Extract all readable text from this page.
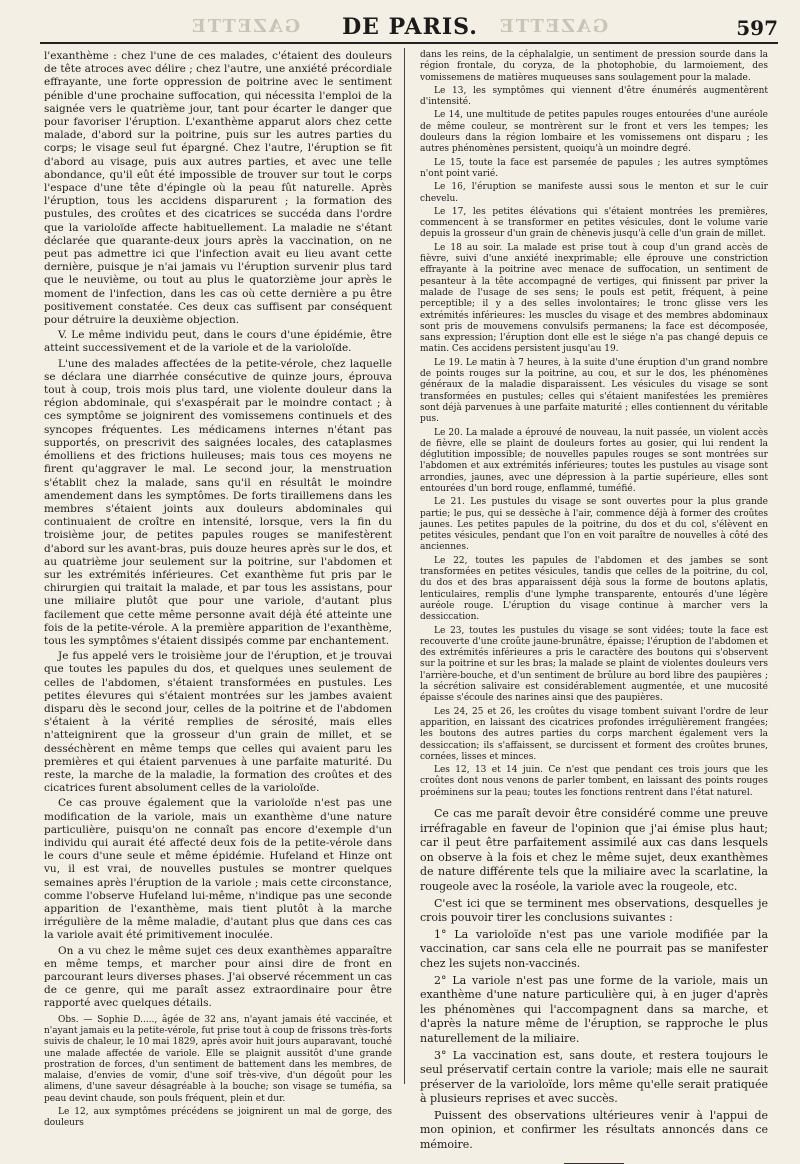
GAZETTE	GAZETTE
DE PARIS.	597

l'exanthème : chez l'une de ces malades, c'étaient des douleurs de tête atroces avec délire ; chez l'autre, une anxiété précordiale effrayante, une forte oppression de poitrine avec le sentiment pénible d'une prochaine suffocation, qui nécessita l'emploi de la saignée vers le quatrième jour, tant pour écarter le danger que pour favoriser l'éruption. L'exanthème apparut alors chez cette malade, d'abord sur la poitrine, puis sur les autres parties du corps; le visage seul fut épargné. Chez l'autre, l'éruption se fit d'abord au visage, puis aux autres parties, et avec une telle abondance, qu'il eût été impossible de trouver sur tout le corps l'espace d'une tête d'épingle où la peau fût naturelle. Après l'éruption, tous les accidens disparurent ; la formation des pustules, des croûtes et des cicatrices se succéda dans l'ordre que la varioloïde affecte habituellement. La maladie ne s'étant déclarée que quarante-deux jours après la vaccination, on ne peut pas admettre ici que l'infection avait eu lieu avant cette dernière, puisque je n'ai jamais vu l'éruption survenir plus tard que le neuvième, ou tout au plus le quatorzième jour après le moment de l'infection, dans les cas où cette dernière a pu être positivement constatée. Ces deux cas suffisent par conséquent pour détruire la deuxième objection.

V. Le même individu peut, dans le cours d'une épidémie, être atteint successivement et de la variole et de la varioloïde.

L'une des malades affectées de la petite-vérole, chez laquelle se déclara une diarrhée consécutive de quinze jours, éprouva tout à coup, trois mois plus tard, une violente douleur dans la région abdominale, qui s'exaspérait par le moindre contact ; à ces symptôme se joignirent des vomissemens continuels et des syncopes fréquentes. Les médicamens internes n'étant pas supportés, on prescrivit des saignées locales, des cataplasmes émolliens et des frictions huileuses; mais tous ces moyens ne firent qu'aggraver le mal. Le second jour, la menstruation s'établit chez la malade, sans qu'il en résultât le moindre amendement dans les symptômes. De forts tiraillemens dans les membres s'étaient joints aux douleurs abdominales qui continuaient de croître en intensité, lorsque, vers la fin du troisième jour, de petites papules rouges se manifestèrent d'abord sur les avant-bras, puis douze heures après sur le dos, et au quatrième jour seulement sur la poitrine, sur l'abdomen et sur les extrémités inférieures. Cet exanthème fut pris par le chirurgien qui traitait la malade, et par tous les assistans, pour une miliaire plutôt que pour une variole, d'autant plus facilement que cette même personne avait déjà été atteinte une fois de la petite-vérole. A la première apparition de l'exanthème, tous les symptômes s'étaient dissipés comme par enchantement.

Je fus appelé vers le troisième jour de l'éruption, et je trouvai que toutes les papules du dos, et quelques unes seulement de celles de l'abdomen, s'étaient transformées en pustules. Les petites élevures qui s'étaient montrées sur les jambes avaient disparu dès le second jour, celles de la poitrine et de l'abdomen s'étaient à la vérité remplies de sérosité, mais elles n'atteignirent que la grosseur d'un grain de millet, et se desséchèrent en même temps que celles qui avaient paru les premières et qui étaient parvenues à une parfaite maturité. Du reste, la marche de la maladie, la formation des croûtes et des cicatrices furent absolument celles de la varioloïde.

Ce cas prouve également que la varioloïde n'est pas une modification de la variole, mais un exanthème d'une nature particulière, puisqu'on ne connaît pas encore d'exemple d'un individu qui aurait été affecté deux fois de la petite-vérole dans le cours d'une seule et même épidémie. Hufeland et Hinze ont vu, il est vrai, de nouvelles pustules se montrer quelques semaines après l'éruption de la variole ; mais cette circonstance, comme l'observe Hufeland lui-même, n'indique pas une seconde apparition de l'exanthème, mais tient plutôt à la marche irrégulière de la même maladie, d'autant plus que dans ces cas la variole avait été primitivement inoculée.

On a vu chez le même sujet ces deux exanthèmes apparaître en même temps, et marcher pour ainsi dire de front en parcourant leurs diverses phases. J'ai observé récemment un cas de ce genre, qui me paraît assez extraordinaire pour être rapporté avec quelques détails.

Obs. — Sophie D....., âgée de 32 ans, n'ayant jamais été vaccinée, et n'ayant jamais eu la petite-vérole, fut prise tout à coup de frissons très-forts suivis de chaleur, le 10 mai 1829, après avoir huit jours auparavant, touché une malade affectée de variole. Elle se plaignit aussitôt d'une grande prostration de forces, d'un sentiment de battement dans les membres, de malaise, d'envies de vomir, d'une soif très-vive, d'un dégoût pour les alimens, d'une saveur désagréable à la bouche; son visage se tuméfia, sa peau devint chaude, son pouls fréquent, plein et dur.

Le 12, aux symptômes précédens se joignirent un mal de gorge, des douleurs

dans les reins, de la céphalalgie, un sentiment de pression sourde dans la région frontale, du coryza, de la photophobie, du larmoiement, des vomissemens de matières muqueuses sans soulagement pour la malade.

Le 13, les symptômes qui viennent d'être énumérés augmentèrent d'intensité.

Le 14, une multitude de petites papules rouges entourées d'une auréole de même couleur, se montrèrent sur le front et vers les tempes; les douleurs dans la région lombaire et les vomissemens ont disparu ; les autres phénomènes persistent, quoiqu'à un moindre degré.

Le 15, toute la face est parsemée de papules ; les autres symptômes n'ont point varié.

Le 16, l'éruption se manifeste aussi sous le menton et sur le cuir chevelu.

Le 17, les petites élévations qui s'étaient montrées les premières, commencent à se transformer en petites vésicules, dont le volume varie depuis la grosseur d'un grain de chènevis jusqu'à celle d'un grain de millet.

Le 18 au soir. La malade est prise tout à coup d'un grand accès de fièvre, suivi d'une anxiété inexprimable; elle éprouve une constriction effrayante à la poitrine avec menace de suffocation, un sentiment de pesanteur à la tête accompagné de vertiges, qui finissent par priver la malade de l'usage de ses sens; le pouls est petit, fréquent, à peine perceptible; il y a des selles involontaires; le tronc glisse vers les extrémités inférieures: les muscles du visage et des membres abdominaux sont pris de mouvemens convulsifs permanens; la face est décomposée, sans expression; l'éruption dont elle est le siége n'a pas changé depuis ce matin. Ces accidens persistent jusqu'au 19.

Le 19. Le matin à 7 heures, à la suite d'une éruption d'un grand nombre de points rouges sur la poitrine, au cou, et sur le dos, les phénomènes généraux de la maladie disparaissent. Les vésicules du visage se sont transformées en pustules; celles qui s'étaient manifestées les premières sont déjà parvenues à une parfaite maturité ; elles contiennent du véritable pus.

Le 20. La malade a éprouvé de nouveau, la nuit passée, un violent accès de fièvre, elle se plaint de douleurs fortes au gosier, qui lui rendent la déglutition impossible; de nouvelles papules rouges se sont montrées sur l'abdomen et aux extrémités inférieures; toutes les pustules au visage sont arrondies, jaunes, avec une dépression à la partie supérieure, elles sont entourées d'un bord rouge, enflammé, tuméfié.

Le 21. Les pustules du visage se sont ouvertes pour la plus grande partie; le pus, qui se dessèche à l'air, commence déjà à former des croûtes jaunes. Les petites papules de la poitrine, du dos et du col, s'élèvent en petites vésicules, pendant que l'on en voit paraître de nouvelles à côté des anciennes.

Le 22, toutes les papules de l'abdomen et des jambes se sont transformées en petites vésicules, tandis que celles de la poitrine, du col, du dos et des bras apparaissent déjà sous la forme de boutons aplatis, lenticulaires, remplis d'une lymphe transparente, entourés d'une légère auréole rouge. L'éruption du visage continue à marcher vers la dessiccation.

Le 23, toutes les pustules du visage se sont vidées; toute la face est recouverte d'une croûte jaune-brunâtre, épaisse; l'éruption de l'abdomen et des extrémités inférieures a pris le caractère des boutons qui s'observent sur la poitrine et sur les bras; la malade se plaint de violentes douleurs vers l'arrière-bouche, et d'un sentiment de brûlure au bord libre des paupières ; la sécrétion salivaire est considérablement augmentée, et une mucosité épaisse s'écoule des narines ainsi que des paupières.

Les 24, 25 et 26, les croûtes du visage tombent suivant l'ordre de leur apparition, en laissant des cicatrices profondes irrégulièrement frangées; les boutons des autres parties du corps marchent également vers la dessiccation; ils s'affaissent, se durcissent et forment des croûtes brunes, cornées, lisses et minces.

Les 12, 13 et 14 juin. Ce n'est que pendant ces trois jours que les croûtes dont nous venons de parler tombent, en laissant des points rouges proéminens sur la peau; toutes les fonctions rentrent dans l'état naturel.

Ce cas me paraît devoir être considéré comme une preuve irréfragable en faveur de l'opinion que j'ai émise plus haut; car il peut être parfaitement assimilé aux cas dans lesquels on observe à la fois et chez le même sujet, deux exanthèmes de nature différente tels que la miliaire avec la scarlatine, la rougeole avec la roséole, la variole avec la rougeole, etc.

C'est ici que se terminent mes observations, desquelles je crois pouvoir tirer les conclusions suivantes :

1° La varioloïde n'est pas une variole modifiée par la vaccination, car sans cela elle ne pourrait pas se manifester chez les sujets non-vaccinés.

2° La variole n'est pas une forme de la variole, mais un exanthème d'une nature particulière qui, à en juger d'après les phénomènes qui l'accompagnent dans sa marche, et d'après la nature même de l'éruption, se rapproche le plus naturellement de la miliaire.

3° La vaccination est, sans doute, et restera toujours le seul préservatif certain contre la variole; mais elle ne saurait préserver de la varioloïde, lors même qu'elle serait pratiquée à plusieurs reprises et avec succès.

Puissent des observations ultérieures venir à l'appui de mon opinion, et confirmer les résultats annoncés dans ce mémoire.
